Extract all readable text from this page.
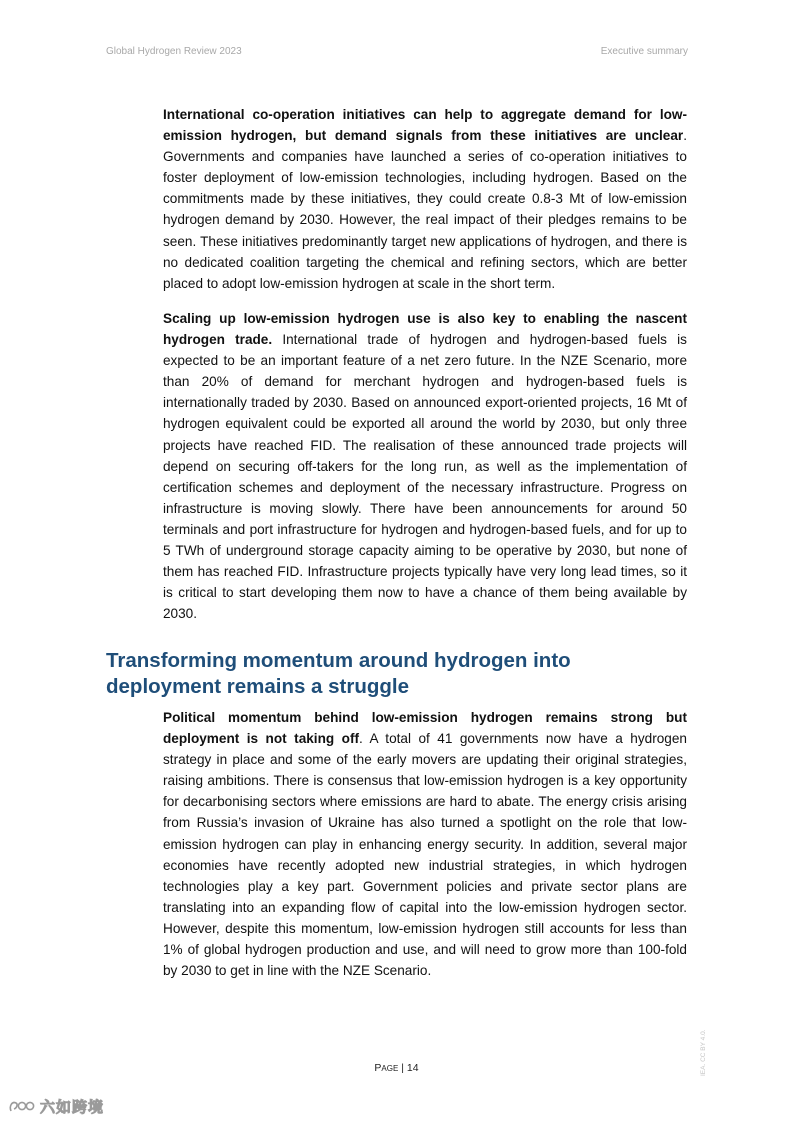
Global Hydrogen Review 2023	Executive summary

International co-operation initiatives can help to aggregate demand for low-emission hydrogen, but demand signals from these initiatives are unclear. Governments and companies have launched a series of co-operation initiatives to foster deployment of low-emission technologies, including hydrogen. Based on the commitments made by these initiatives, they could create 0.8-3 Mt of low-emission hydrogen demand by 2030. However, the real impact of their pledges remains to be seen. These initiatives predominantly target new applications of hydrogen, and there is no dedicated coalition targeting the chemical and refining sectors, which are better placed to adopt low-emission hydrogen at scale in the short term.

Scaling up low-emission hydrogen use is also key to enabling the nascent hydrogen trade. International trade of hydrogen and hydrogen-based fuels is expected to be an important feature of a net zero future. In the NZE Scenario, more than 20% of demand for merchant hydrogen and hydrogen-based fuels is internationally traded by 2030. Based on announced export-oriented projects, 16 Mt of hydrogen equivalent could be exported all around the world by 2030, but only three projects have reached FID. The realisation of these announced trade projects will depend on securing off-takers for the long run, as well as the implementation of certification schemes and deployment of the necessary infrastructure. Progress on infrastructure is moving slowly. There have been announcements for around 50 terminals and port infrastructure for hydrogen and hydrogen-based fuels, and for up to 5 TWh of underground storage capacity aiming to be operative by 2030, but none of them has reached FID. Infrastructure projects typically have very long lead times, so it is critical to start developing them now to have a chance of them being available by 2030.

Transforming momentum around hydrogen into deployment remains a struggle

Political momentum behind low-emission hydrogen remains strong but deployment is not taking off. A total of 41 governments now have a hydrogen strategy in place and some of the early movers are updating their original strategies, raising ambitions. There is consensus that low-emission hydrogen is a key opportunity for decarbonising sectors where emissions are hard to abate. The energy crisis arising from Russia’s invasion of Ukraine has also turned a spotlight on the role that low-emission hydrogen can play in enhancing energy security. In addition, several major economies have recently adopted new industrial strategies, in which hydrogen technologies play a key part. Government policies and private sector plans are translating into an expanding flow of capital into the low-emission hydrogen sector. However, despite this momentum, low-emission hydrogen still accounts for less than 1% of global hydrogen production and use, and will need to grow more than 100-fold by 2030 to get in line with the NZE Scenario.

PAGE | 14	IEA. CC BY 4.0.
六如跨境
